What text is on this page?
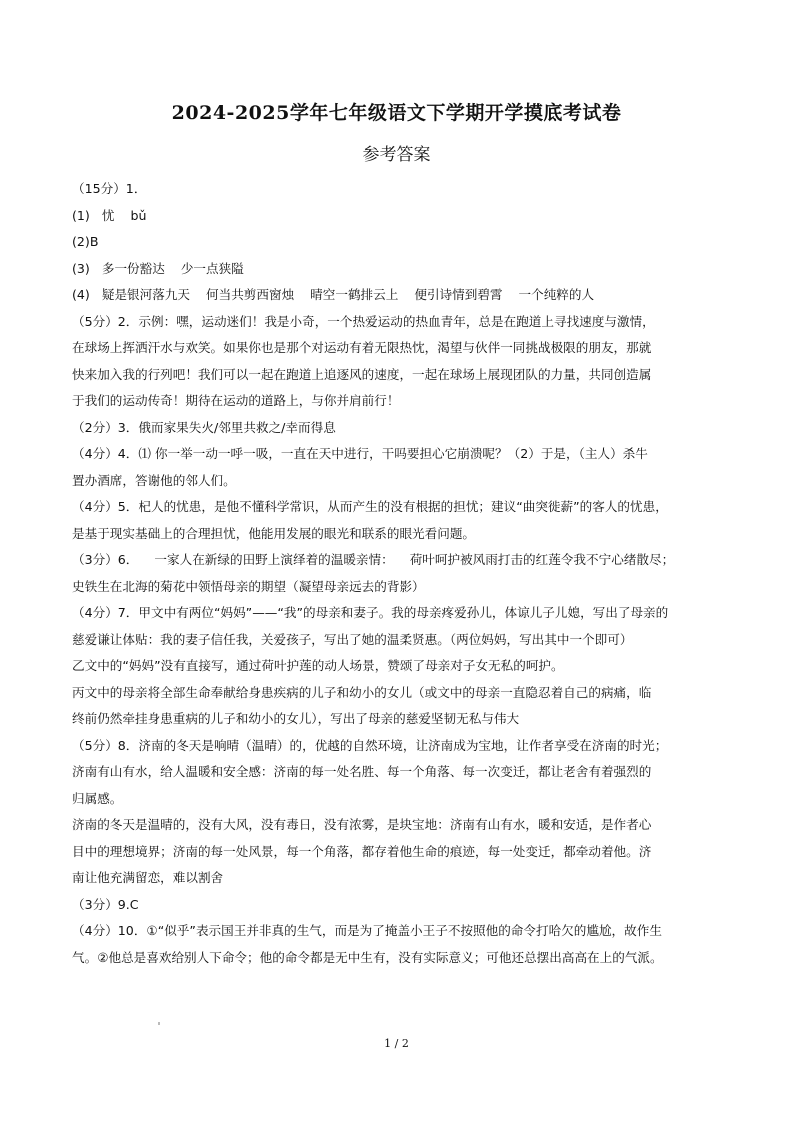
2024-2025学年七年级语文下学期开学摸底考试卷
参考答案
（15分）1．
(1)   忧    bǔ
(2)B
(3)   多一份豁达    少一点狭隘
(4)   疑是银河落九天    何当共剪西窗烛    晴空一鹤排云上    便引诗情到碧霄    一个纯粹的人
（5分）2．示例：嘿，运动迷们！我是小奇，一个热爱运动的热血青年，总是在跑道上寻找速度与激情，
在球场上挥洒汗水与欢笑。如果你也是那个对运动有着无限热忱，渴望与伙伴一同挑战极限的朋友，那就
快来加入我的行列吧！我们可以一起在跑道上追逐风的速度，一起在球场上展现团队的力量，共同创造属
于我们的运动传奇！期待在运动的道路上，与你并肩前行！
（2分）3．俄而家果失火/邻里共救之/幸而得息
（4分）4．⑴ 你一举一动一呼一吸，一直在天中进行，干吗要担心它崩溃呢？（2）于是，（主人）杀牛
置办酒席，答谢他的邻人们。
（4分）5．杞人的忧患，是他不懂科学常识，从而产生的没有根据的担忧；建议“曲突徙薪”的客人的忧患，
是基于现实基础上的合理担忧，他能用发展的眼光和联系的眼光看问题。
（3分）6．    一家人在新绿的田野上演绎着的温暖亲情：    荷叶呵护被风雨打击的红莲令我不宁心绪散尽；
史铁生在北海的菊花中领悟母亲的期望（凝望母亲远去的背影）
（4分）7．甲文中有两位“妈妈”——“我”的母亲和妻子。我的母亲疼爱孙儿，体谅儿子儿媳，写出了母亲的
慈爱谦让体贴：我的妻子信任我，关爱孩子，写出了她的温柔贤惠。（两位妈妈，写出其中一个即可）
乙文中的“妈妈”没有直接写，通过荷叶护莲的动人场景，赞颂了母亲对子女无私的呵护。
丙文中的母亲将全部生命奉献给身患疾病的儿子和幼小的女儿（或文中的母亲一直隐忍着自己的病痛，临
终前仍然牵挂身患重病的儿子和幼小的女儿），写出了母亲的慈爱坚韧无私与伟大
（5分）8．济南的冬天是响晴（温晴）的，优越的自然环境，让济南成为宝地，让作者享受在济南的时光；
济南有山有水，给人温暖和安全感：济南的每一处名胜、每一个角落、每一次变迁，都让老舍有着强烈的
归属感。
济南的冬天是温晴的，没有大风，没有毒日，没有浓雾，是块宝地：济南有山有水，暖和安适，是作者心
目中的理想境界；济南的每一处风景，每一个角落，都存着他生命的痕迹，每一处变迁，都牵动着他。济
南让他充满留恋，难以割舍
（3分）9.C
（4分）10．①“似乎”表示国王并非真的生气，而是为了掩盖小王子不按照他的命令打哈欠的尴尬，故作生
气。②他总是喜欢给别人下命令；他的命令都是无中生有，没有实际意义；可他还总摆出高高在上的气派。
1 / 2
